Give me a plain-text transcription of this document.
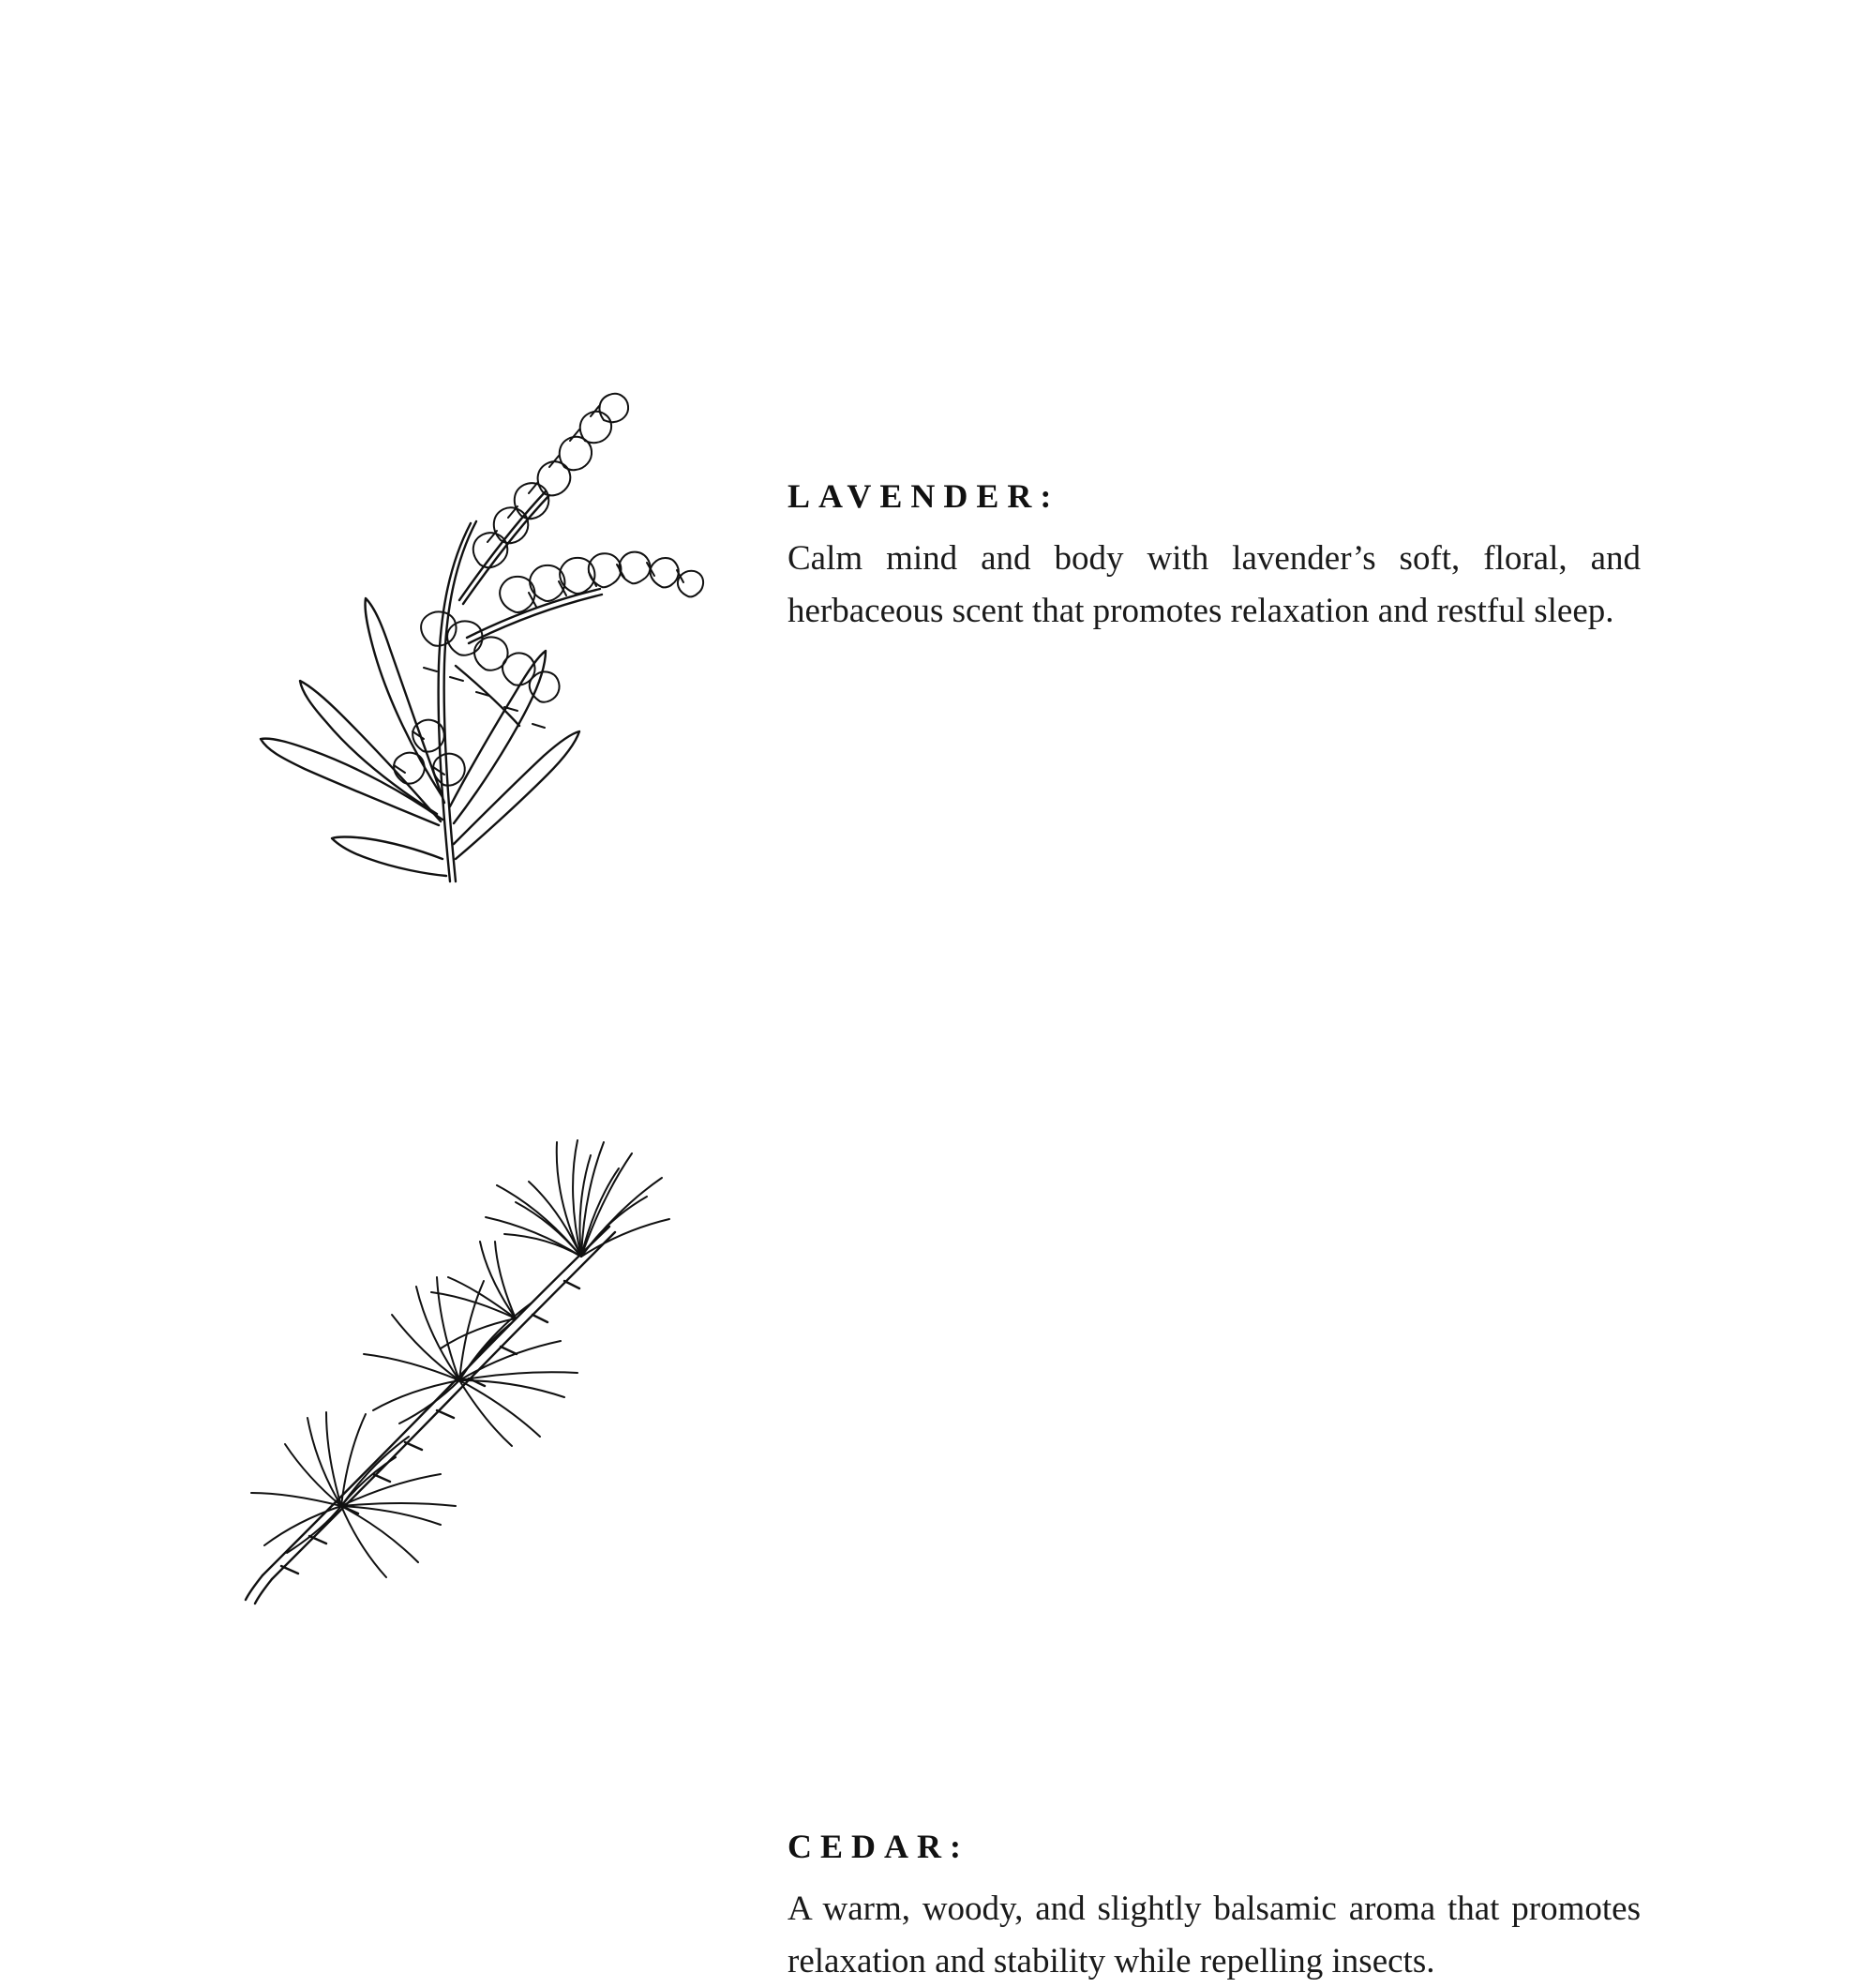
LAVENDER:

Calm mind and body with lavender’s soft, floral, and herbaceous scent that promotes relaxation and restful sleep.

CEDAR:

A warm, woody, and slightly balsamic aroma that promotes relaxation and stability while repelling insects.
